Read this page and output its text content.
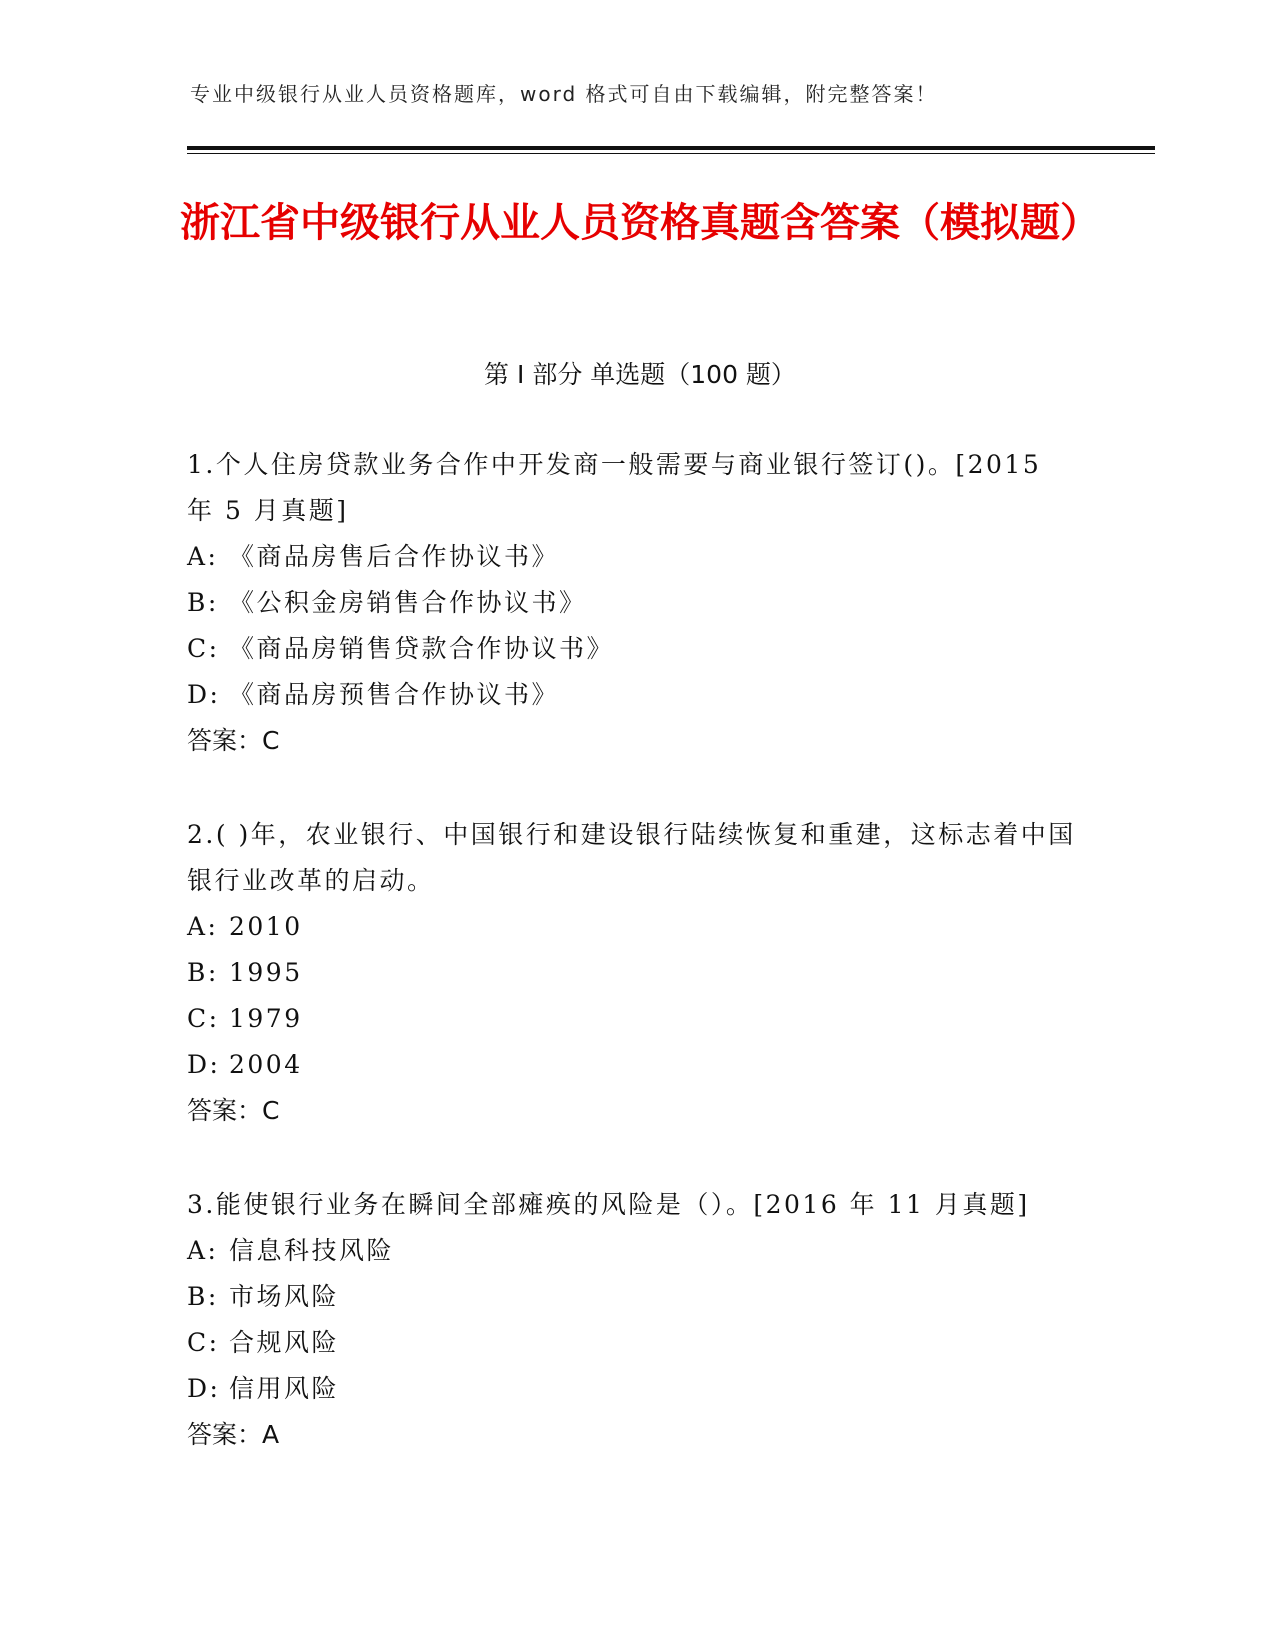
专业中级银行从业人员资格题库，word 格式可自由下载编辑，附完整答案！
浙江省中级银行从业人员资格真题含答案（模拟题）
第 I 部分 单选题（100 题）

1.个人住房贷款业务合作中开发商一般需要与商业银行签订()。[2015 年 5 月真题]

A: 《商品房售后合作协议书》

B: 《公积金房销售合作协议书》

C: 《商品房销售贷款合作协议书》

D: 《商品房预售合作协议书》

答案：C

2.( )年，农业银行、中国银行和建设银行陆续恢复和重建，这标志着中国银行业改革的启动。

A: 2010

B: 1995

C: 1979

D: 2004

答案：C

3.能使银行业务在瞬间全部瘫痪的风险是（）。[2016 年 11 月真题]

A: 信息科技风险

B: 市场风险

C: 合规风险

D: 信用风险

答案：A
